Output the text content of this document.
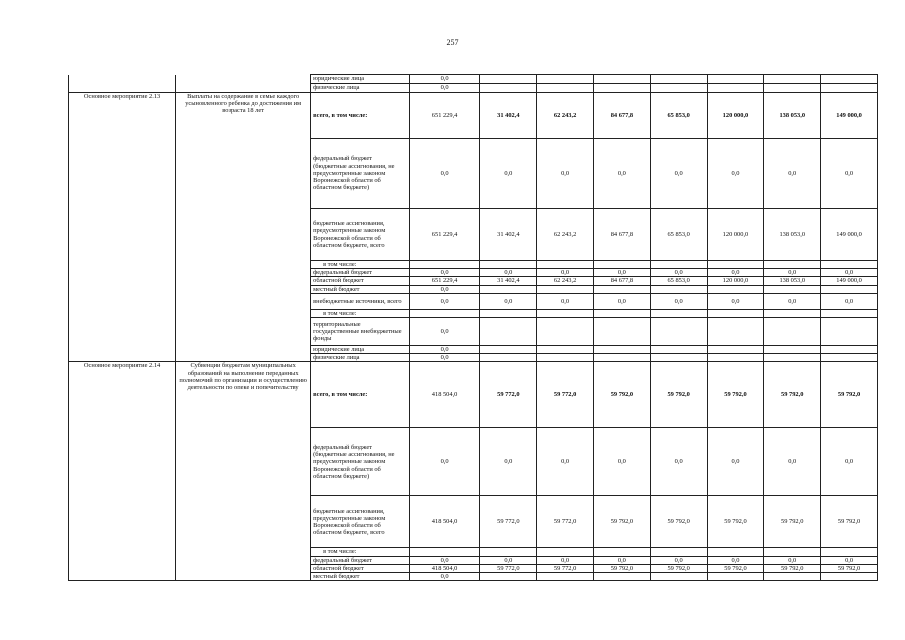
257
		юридические лица	0,0							
		физические лица	0,0							
Основное мероприятие 2.13	Выплаты на содержание в семье каждого усыновленного ребенка до достижения им возраста 18 лет	всего, в том числе:	651 229,4	31 402,4	62 243,2	84 677,8	65 853,0	120 000,0	138 053,0	149 000,0
		федеральный бюджет (бюджетные ассигнования, не предусмотренные законом Воронежской области об областном бюджете)	0,0	0,0	0,0	0,0	0,0	0,0	0,0	0,0
		бюджетные ассигнования, предусмотренные законом Воронежской области об областном бюджете, всего	651 229,4	31 402,4	62 243,2	84 677,8	65 853,0	120 000,0	138 053,0	149 000,0
		в том числе:								
		федеральный бюджет	0,0	0,0	0,0	0,0	0,0	0,0	0,0	0,0
		областной бюджет	651 229,4	31 402,4	62 243,2	84 677,8	65 853,0	120 000,0	138 053,0	149 000,0
		местный бюджет	0,0							
		внебюджетные источники, всего	0,0	0,0	0,0	0,0	0,0	0,0	0,0	0,0
		в том числе:								
		территориальные государственные внебюджетные фонды	0,0							
		юридические лица	0,0							
		физические лица	0,0							
Основное мероприятие 2.14	Субвенции бюджетам муниципальных образований на выполнение переданных полномочий по организации и осуществлению деятельности по опеке и попечительству	всего, в том числе:	418 504,0	59 772,0	59 772,0	59 792,0	59 792,0	59 792,0	59 792,0	59 792,0
		федеральный бюджет (бюджетные ассигнования, не предусмотренные законом Воронежской области об областном бюджете)	0,0	0,0	0,0	0,0	0,0	0,0	0,0	0,0
		бюджетные ассигнования, предусмотренные законом Воронежской области об областном бюджете, всего	418 504,0	59 772,0	59 772,0	59 792,0	59 792,0	59 792,0	59 792,0	59 792,0
		в том числе:								
		федеральный бюджет	0,0	0,0	0,0	0,0	0,0	0,0	0,0	0,0
		областной бюджет	418 504,0	59 772,0	59 772,0	59 792,0	59 792,0	59 792,0	59 792,0	59 792,0
		местный бюджет	0,0							
